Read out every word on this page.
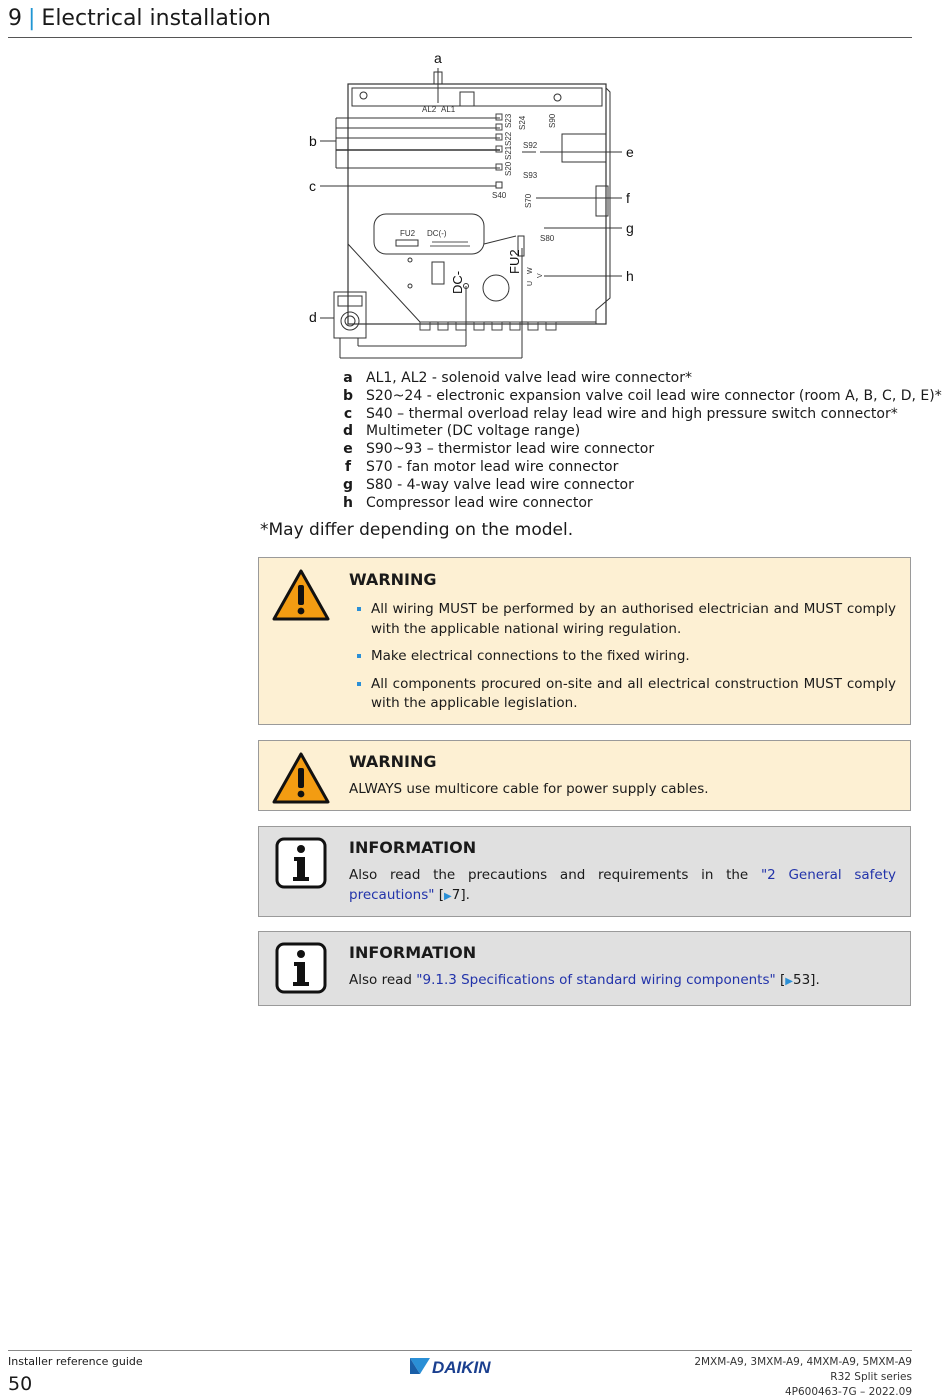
9 | Electrical installation
a
AL2 AL1
b
S23 S24
S22
S21
S20
S90
c
S40
S92
S93
e
S70	f
S80
g
FU2 DC(-)
FU2
DC-	U
W
V	h
d
a AL1, AL2 - solenoid valve lead wire connector*
b S20~24 - electronic expansion valve coil lead wire connector (room A, B, C, D, E)*
c S40 – thermal overload relay lead wire and high pressure switch connector*
d Multimeter (DC voltage range)
e S90~93 – thermistor lead wire connector
f	S70 - fan motor lead wire connector
g S80 - 4-way valve lead wire connector
h Compressor lead wire connector
*May differ depending on the model.
WARNING
All wiring MUST be performed by an authorised electrician and MUST comply with the applicable national wiring regulation.
Make electrical connections to the fixed wiring.
All components procured on-site and all electrical construction MUST comply with the applicable legislation.
WARNING

ALWAYS use multicore cable for power supply cables.

INFORMATION

Also read the precautions and requirements in the "2 General safety precautions" [▶7].

INFORMATION

Also read "9.1.3 Specifications of standard wiring components" [▶53].

Installer reference guide
50
DAIKIN	2MXM-A9, 3MXM-A9, 4MXM-A9, 5MXM-A9
R32 Split series
4P600463-7G – 2022.09
